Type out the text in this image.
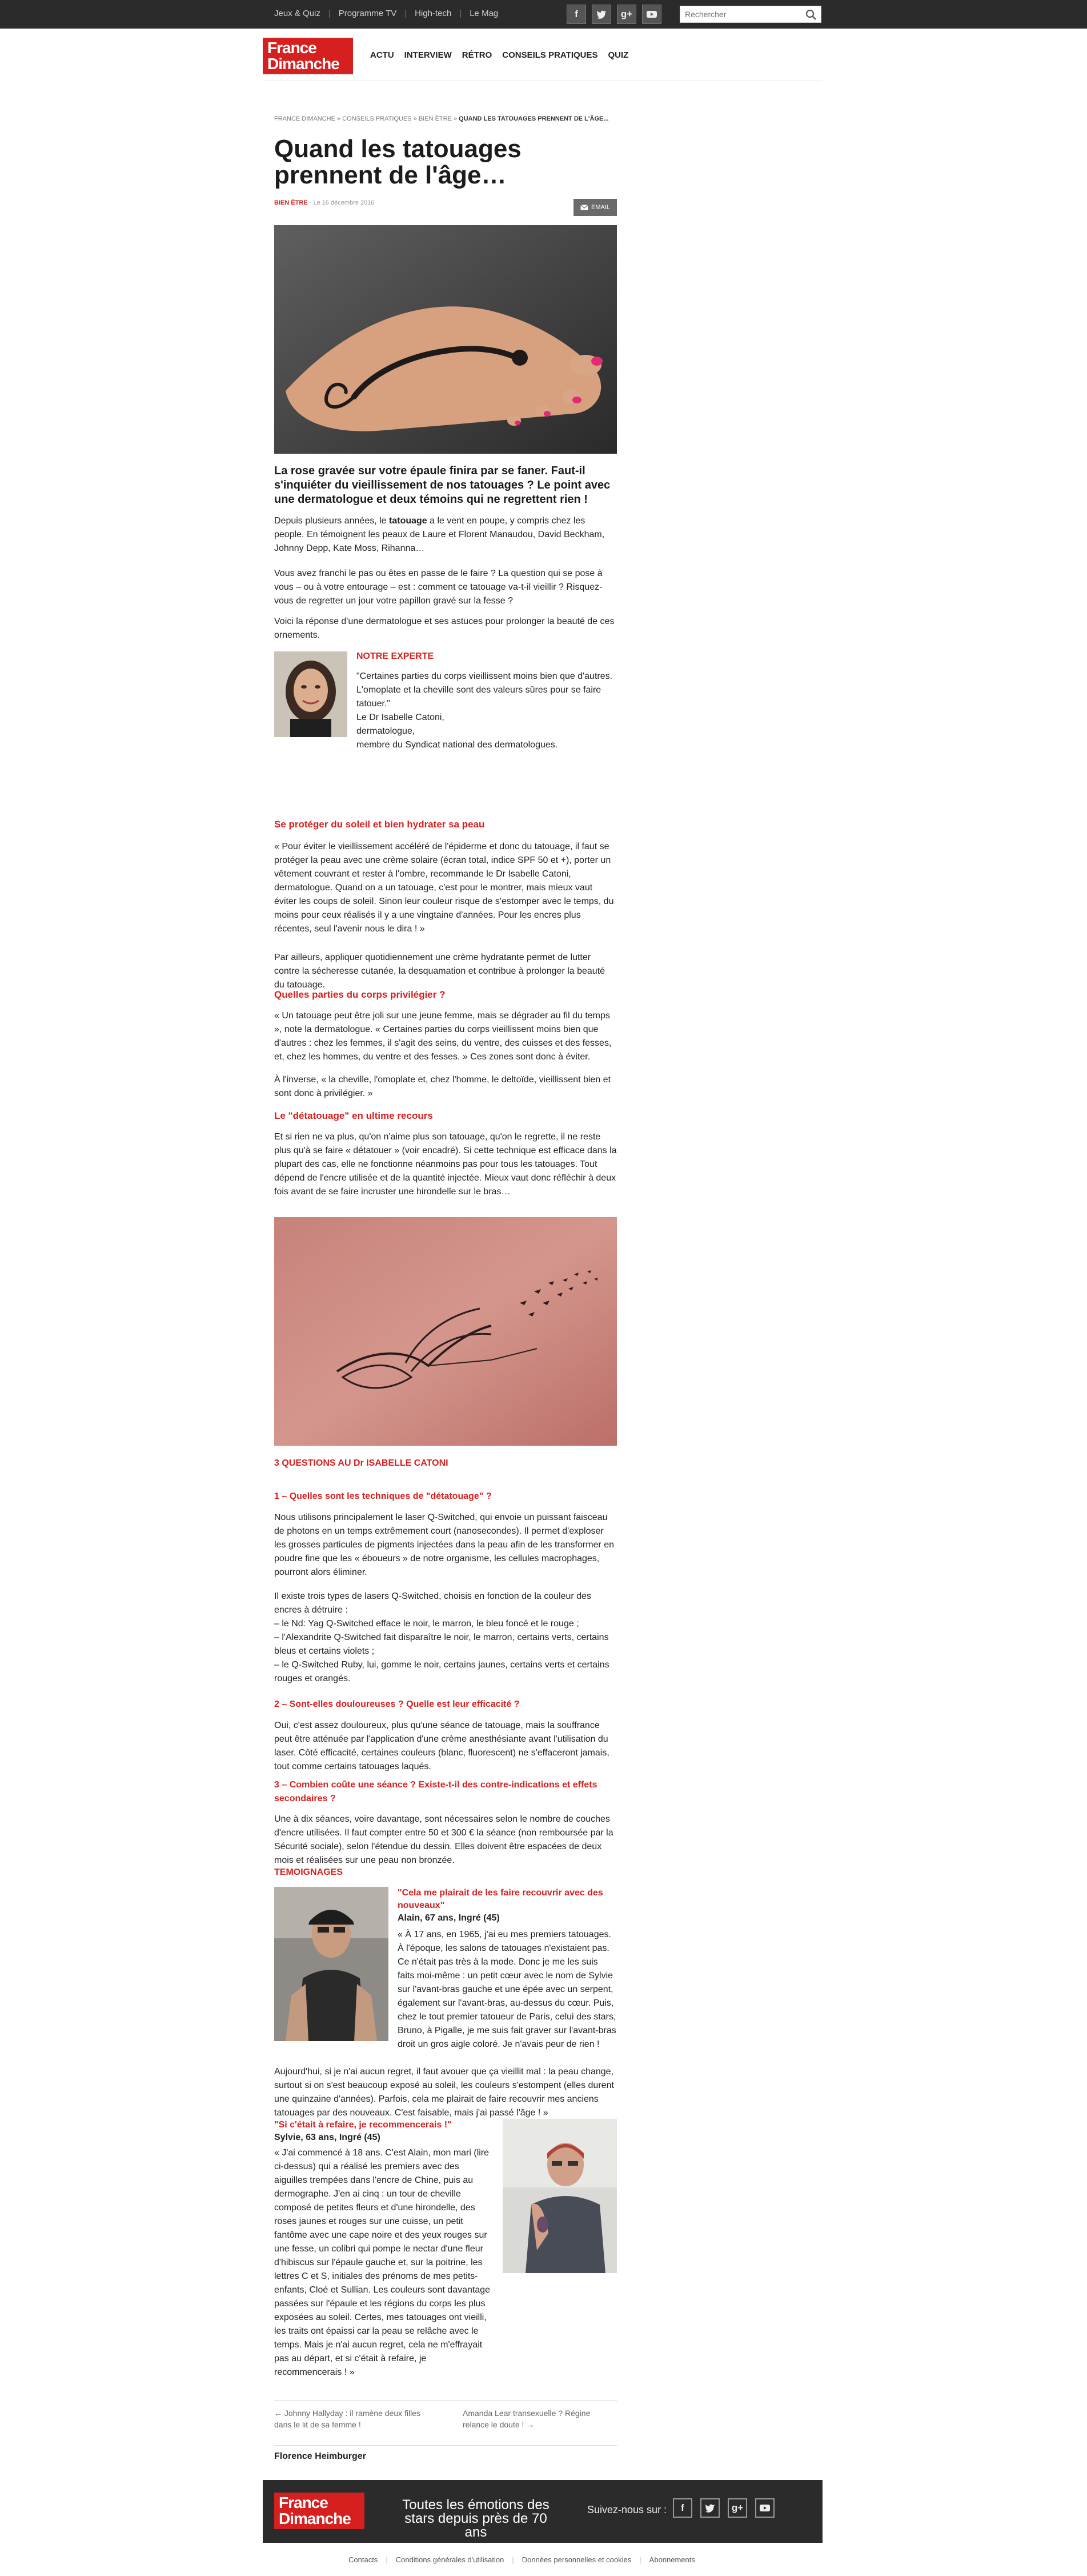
Jeux & Quiz | Programme TV | High-tech | Le Mag	f	g+
Rechercher
France
Dimanche	ACTU INTERVIEW RÉTRO CONSEILS PRATIQUES QUIZ
FRANCE DIMANCHE » CONSEILS PRATIQUES » BIEN ÊTRE » QUAND LES TATOUAGES PRENNENT DE L'ÂGE...
Quand les tatouages prennent de l'âge…
BIEN ÊTRE - Le 16 décembre 2016
EMAIL
La rose gravée sur votre épaule finira par se faner. Faut-il s'inquiéter du vieillissement de nos tatouages ? Le point avec une dermatologue et deux témoins qui ne regrettent rien !
Depuis plusieurs années, le tatouage a le vent en poupe, y compris chez les people. En témoignent les peaux de Laure et Florent Manaudou, David Beckham, Johnny Depp, Kate Moss, Rihanna…
Vous avez franchi le pas ou êtes en passe de le faire ? La question qui se pose à vous – ou à votre entourage – est : comment ce tatouage va-t-il vieillir ? Risquez-vous de regretter un jour votre papillon gravé sur la fesse ?
Voici la réponse d'une dermatologue et ses astuces pour prolonger la beauté de ces ornements.
NOTRE EXPERTE
"Certaines parties du corps vieillissent moins bien que d'autres. L'omoplate et la cheville sont des valeurs sûres pour se faire tatouer."
Le Dr Isabelle Catoni,
dermatologue,
membre du Syndicat national des dermatologues.
Se protéger du soleil et bien hydrater sa peau
« Pour éviter le vieillissement accéléré de l'épiderme et donc du tatouage, il faut se protéger la peau avec une crème solaire (écran total, indice SPF 50 et +), porter un vêtement couvrant et rester à l'ombre, recommande le Dr Isabelle Catoni, dermatologue. Quand on a un tatouage, c'est pour le montrer, mais mieux vaut éviter les coups de soleil. Sinon leur couleur risque de s'estomper avec le temps, du moins pour ceux réalisés il y a une vingtaine d'années. Pour les encres plus récentes, seul l'avenir nous le dira ! »
Par ailleurs, appliquer quotidiennement une crème hydratante permet de lutter contre la sécheresse cutanée, la desquamation et contribue à prolonger la beauté du tatouage.
Quelles parties du corps privilégier ?
« Un tatouage peut être joli sur une jeune femme, mais se dégrader au fil du temps », note la dermatologue. « Certaines parties du corps vieillissent moins bien que d'autres : chez les femmes, il s'agit des seins, du ventre, des cuisses et des fesses, et, chez les hommes, du ventre et des fesses. » Ces zones sont donc à éviter.
À l'inverse, « la cheville, l'omoplate et, chez l'homme, le deltoïde, vieillissent bien et sont donc à privilégier. »
Le "détatouage" en ultime recours
Et si rien ne va plus, qu'on n'aime plus son tatouage, qu'on le regrette, il ne reste plus qu'à se faire « détatouer » (voir encadré). Si cette technique est efficace dans la plupart des cas, elle ne fonctionne néanmoins pas pour tous les tatouages. Tout dépend de l'encre utilisée et de la quantité injectée. Mieux vaut donc réfléchir à deux fois avant de se faire incruster une hirondelle sur le bras…
3 QUESTIONS AU Dr ISABELLE CATONI
1 – Quelles sont les techniques de "détatouage" ?
Nous utilisons principalement le laser Q-Switched, qui envoie un puissant faisceau de photons en un temps extrêmement court (nanosecondes). Il permet d'exploser les grosses particules de pigments injectées dans la peau afin de les transformer en poudre fine que les « éboueurs » de notre organisme, les cellules macrophages, pourront alors éliminer.
Il existe trois types de lasers Q-Switched, choisis en fonction de la couleur des encres à détruire :
– le Nd: Yag Q-Switched efface le noir, le marron, le bleu foncé et le rouge ;
– l'Alexandrite Q-Switched fait disparaître le noir, le marron, certains verts, certains bleus et certains violets ;
– le Q-Switched Ruby, lui, gomme le noir, certains jaunes, certains verts et certains rouges et orangés.
2 – Sont-elles douloureuses ? Quelle est leur efficacité ?
Oui, c'est assez douloureux, plus qu'une séance de tatouage, mais la souffrance peut être atténuée par l'application d'une crème anesthésiante avant l'utilisation du laser. Côté efficacité, certaines couleurs (blanc, fluorescent) ne s'effaceront jamais, tout comme certains tatouages laqués.
3 – Combien coûte une séance ? Existe-t-il des contre-indications et effets secondaires ?
Une à dix séances, voire davantage, sont nécessaires selon le nombre de couches d'encre utilisées. Il faut compter entre 50 et 300 € la séance (non remboursée par la Sécurité sociale), selon l'étendue du dessin. Elles doivent être espacées de deux mois et réalisées sur une peau non bronzée.
TEMOIGNAGES
"Cela me plairait de les faire recouvrir avec des nouveaux"
Alain, 67 ans, Ingré (45)
« À 17 ans, en 1965, j'ai eu mes premiers tatouages. À l'époque, les salons de tatouages n'existaient pas. Ce n'était pas très à la mode. Donc je me les suis faits moi-même : un petit cœur avec le nom de Sylvie sur l'avant-bras gauche et une épée avec un serpent, également sur l'avant-bras, au-dessus du cœur. Puis, chez le tout premier tatoueur de Paris, celui des stars, Bruno, à Pigalle, je me suis fait graver sur l'avant-bras droit un gros aigle coloré. Je n'avais peur de rien !
Aujourd'hui, si je n'ai aucun regret, il faut avouer que ça vieillit mal : la peau change, surtout si on s'est beaucoup exposé au soleil, les couleurs s'estompent (elles durent une quinzaine d'années). Parfois, cela me plairait de faire recouvrir mes anciens tatouages par des nouveaux. C'est faisable, mais j'ai passé l'âge ! »
"Si c'était à refaire, je recommencerais !"
Sylvie, 63 ans, Ingré (45)
« J'ai commencé à 18 ans. C'est Alain, mon mari (lire ci-dessus) qui a réalisé les premiers avec des aiguilles trempées dans l'encre de Chine, puis au dermographe. J'en ai cinq : un tour de cheville composé de petites fleurs et d'une hirondelle, des roses jaunes et rouges sur une cuisse, un petit fantôme avec une cape noire et des yeux rouges sur une fesse, un colibri qui pompe le nectar d'une fleur d'hibiscus sur l'épaule gauche et, sur la poitrine, les lettres C et S, initiales des prénoms de mes petits-enfants, Cloé et Sullian. Les couleurs sont davantage passées sur l'épaule et les régions du corps les plus exposées au soleil. Certes, mes tatouages ont vieilli, les traits ont épaissi car la peau se relâche avec le temps. Mais je n'ai aucun regret, cela ne m'effrayait pas au départ, et si c'était à refaire, je recommencerais ! »
Florence Heimburger
← Johnny Hallyday : il ramène deux filles dans le lit de sa femme !
Amanda Lear transexuelle ? Régine relance le doute ! →
France
Dimanche
Toutes les émotions des stars depuis près de 70 ans
Suivez-nous sur :	f	g+
Contacts | Conditions générales d'utilisation | Données personnelles et cookies | Abonnements
